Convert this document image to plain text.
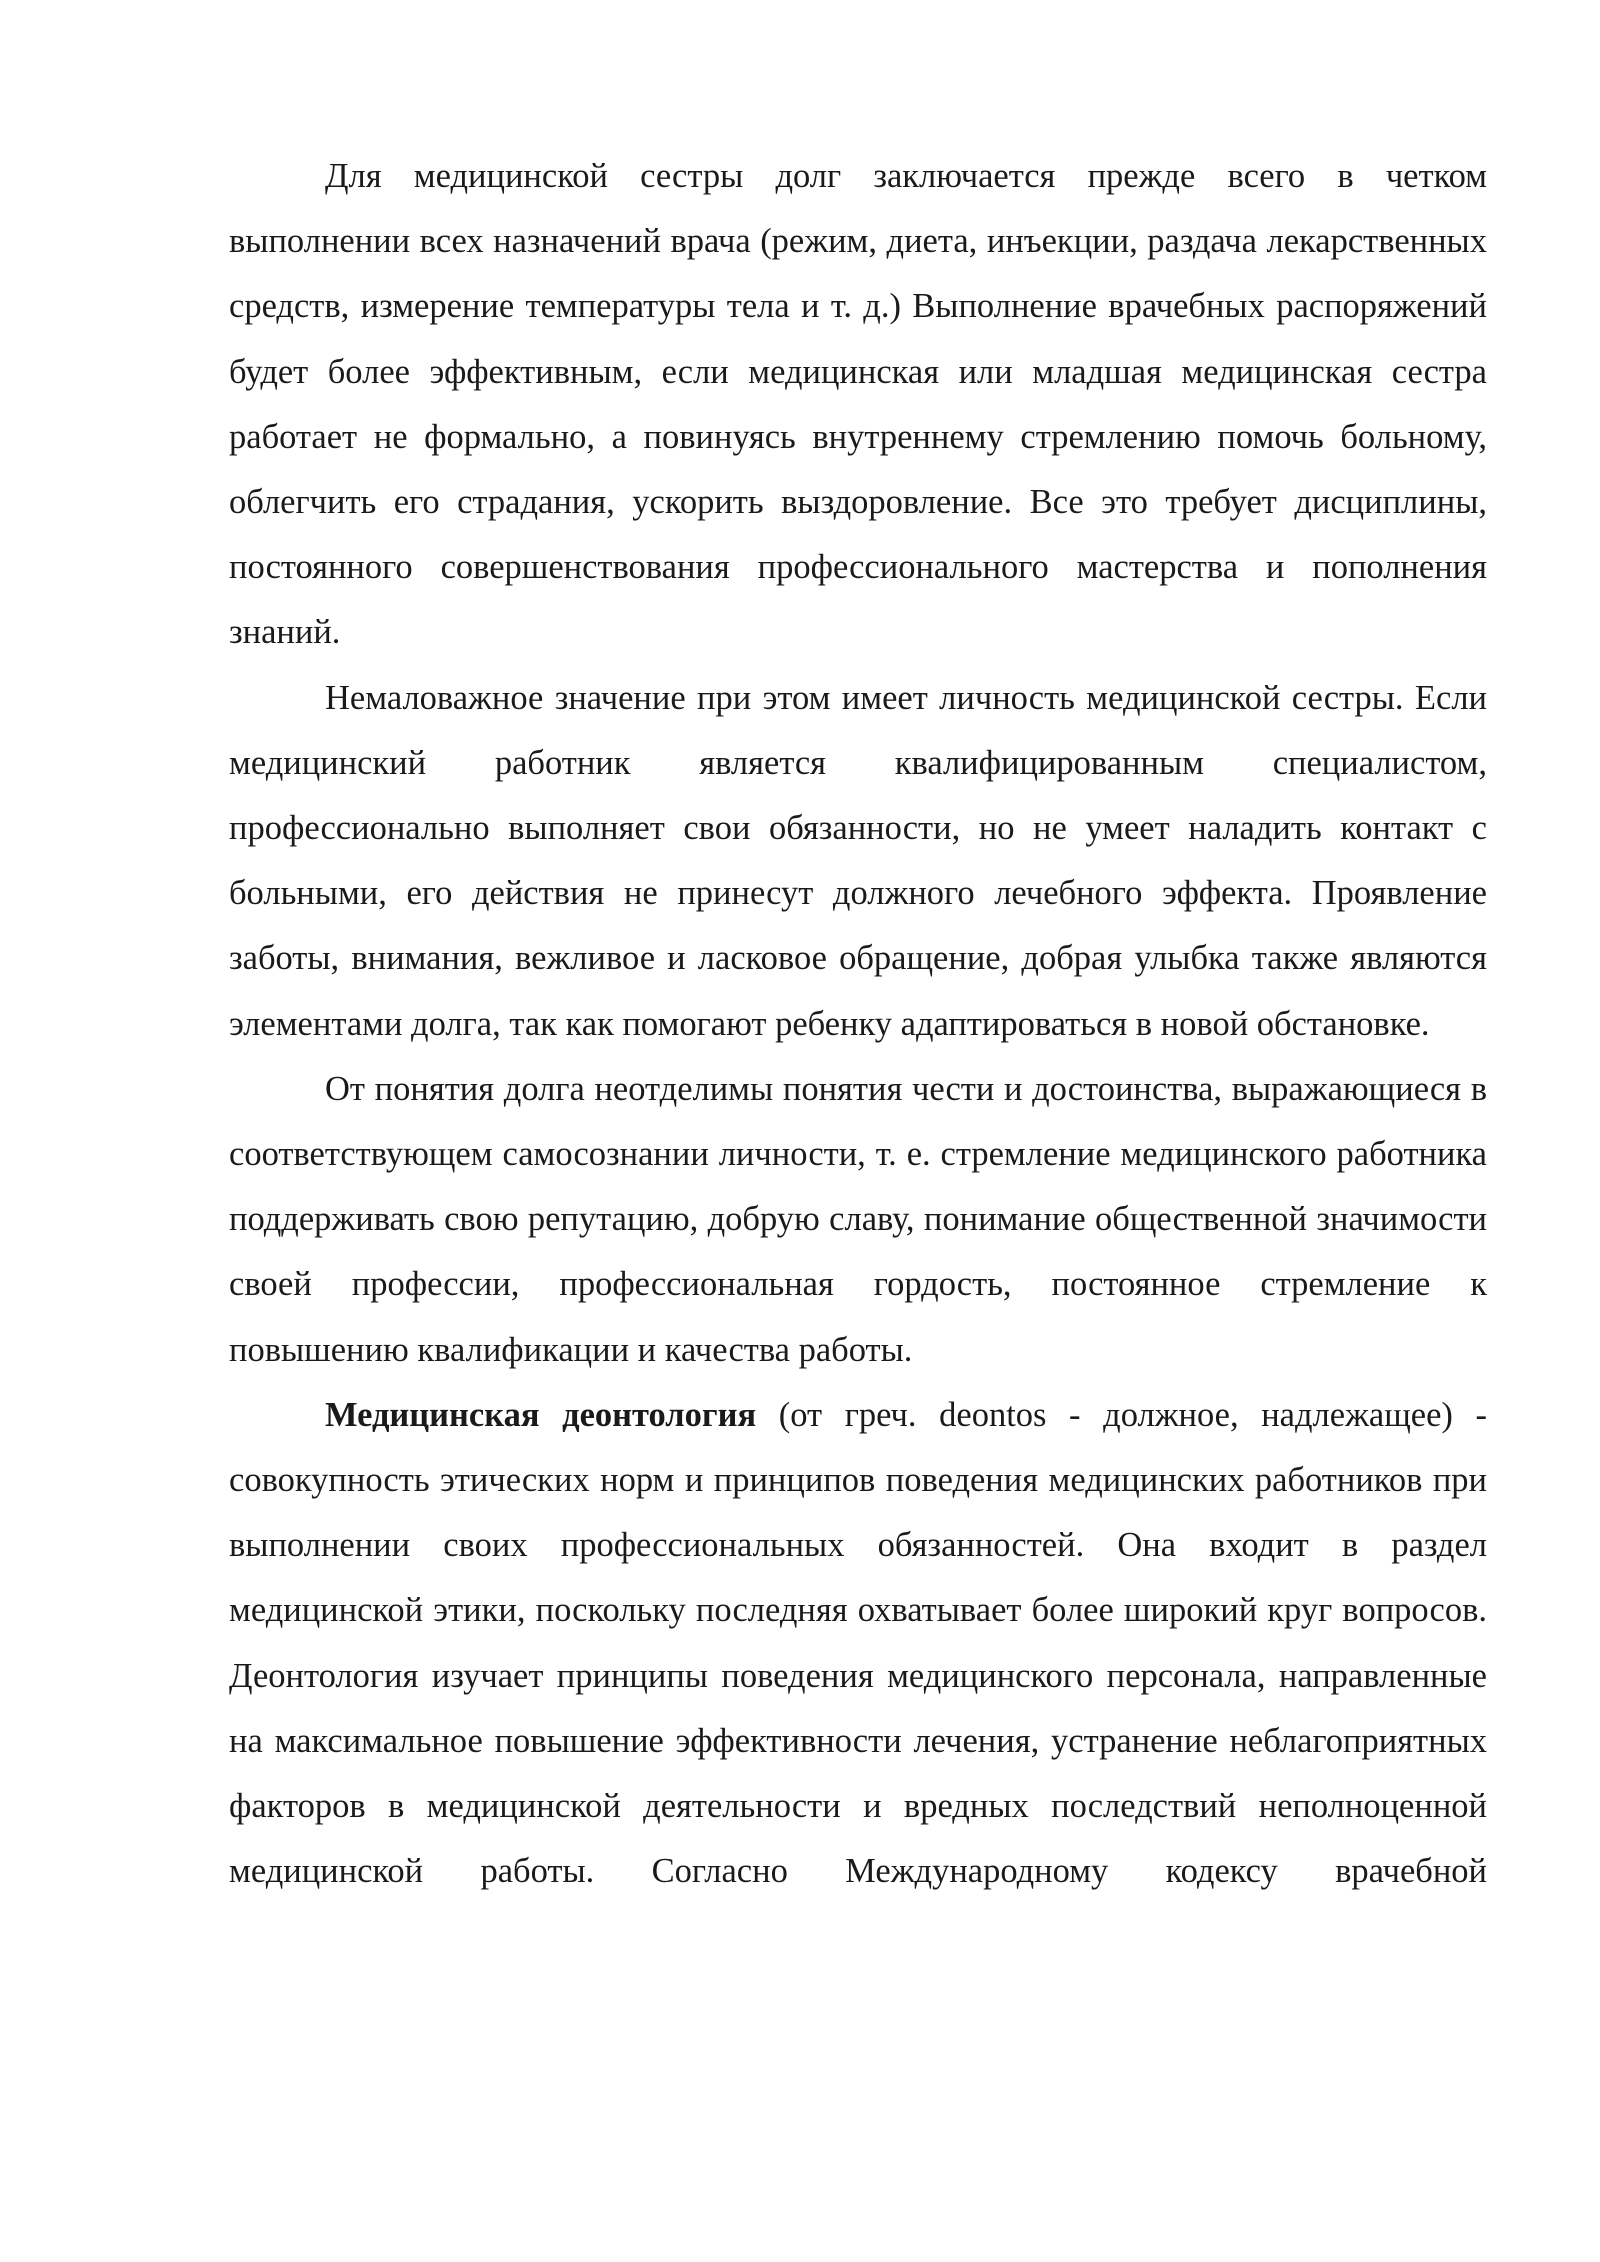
Для медицинской сестры долг заключается прежде всего в четком выполнении всех назначений врача (режим, диета, инъекции, раздача лекарственных средств, измерение температуры тела и т. д.) Выполнение врачебных распоряжений будет более эффективным, если медицинская или младшая медицинская сестра работает не формально, а повинуясь внутреннему стремлению помочь больному, облегчить его страдания, ускорить выздоровление. Все это требует дисциплины, постоянного совершенствования профессионального мастерства и пополнения знаний.

Немаловажное значение при этом имеет личность медицинской сестры. Если медицинский работник является квалифицированным специалистом, профессионально выполняет свои обязанности, но не умеет наладить контакт с больными, его действия не принесут должного лечебного эффекта. Проявление заботы, внимания, вежливое и ласковое обращение, добрая улыбка также являются элементами долга, так как помогают ребенку адаптироваться в новой обстановке.

От понятия долга неотделимы понятия чести и достоинства, выражающиеся в соответствующем самосознании личности, т. е. стремление медицинского работника поддерживать свою репутацию, добрую славу, понимание общественной значимости своей профессии, профессиональная гордость, постоянное стремление к повышению квалификации и качества работы.

Медицинская деонтология (от греч. deontos - должное, надлежащее) - совокупность этических норм и принципов поведения медицинских работников при выполнении своих профессиональных обязанностей. Она входит в раздел медицинской этики, поскольку последняя охватывает более широкий круг вопросов. Деонтология изучает принципы поведения медицинского персонала, направленные на максимальное повышение эффективности лечения, устранение неблагоприятных факторов в медицинской деятельности и вредных последствий неполноценной медицинской работы. Согласно Международному кодексу врачебной
